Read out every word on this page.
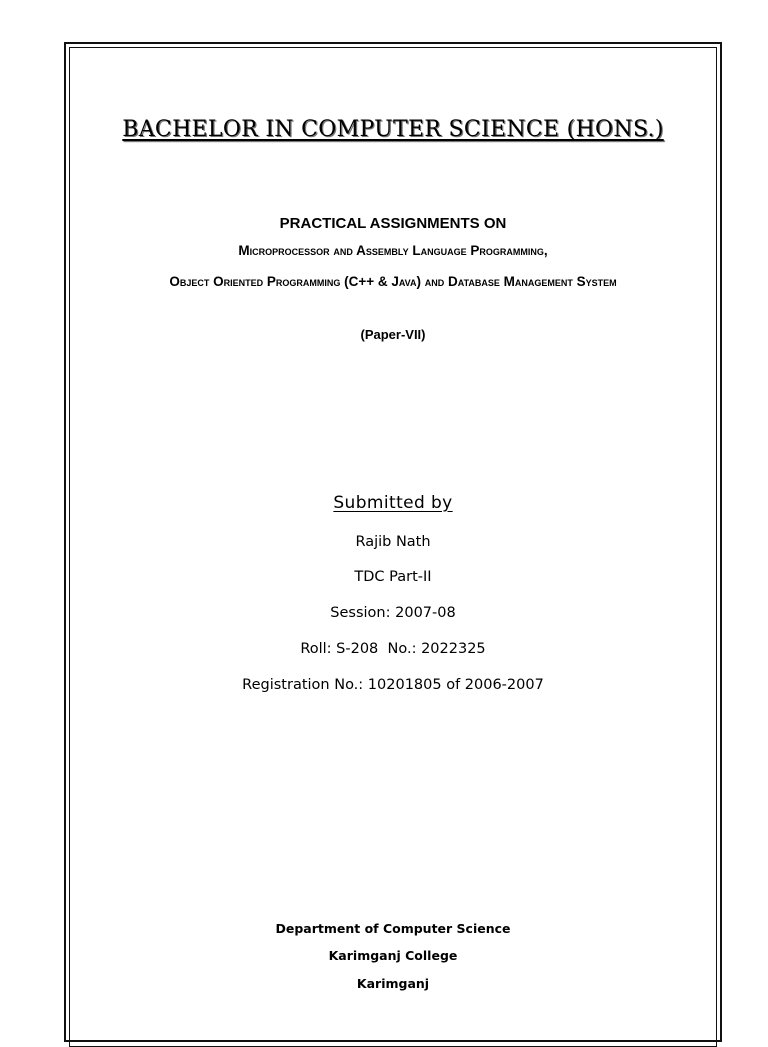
BACHELOR IN COMPUTER SCIENCE (HONS.)
PRACTICAL ASSIGNMENTS ON
Microprocessor and Assembly Language Programming,
Object Oriented Programming (C++ & Java) and Database Management System
(Paper-VII)
Submitted by
Rajib Nath
TDC Part-II
Session: 2007-08
Roll: S-208  No.: 2022325
Registration No.: 10201805 of 2006-2007
Department of Computer Science
Karimganj College
Karimganj
